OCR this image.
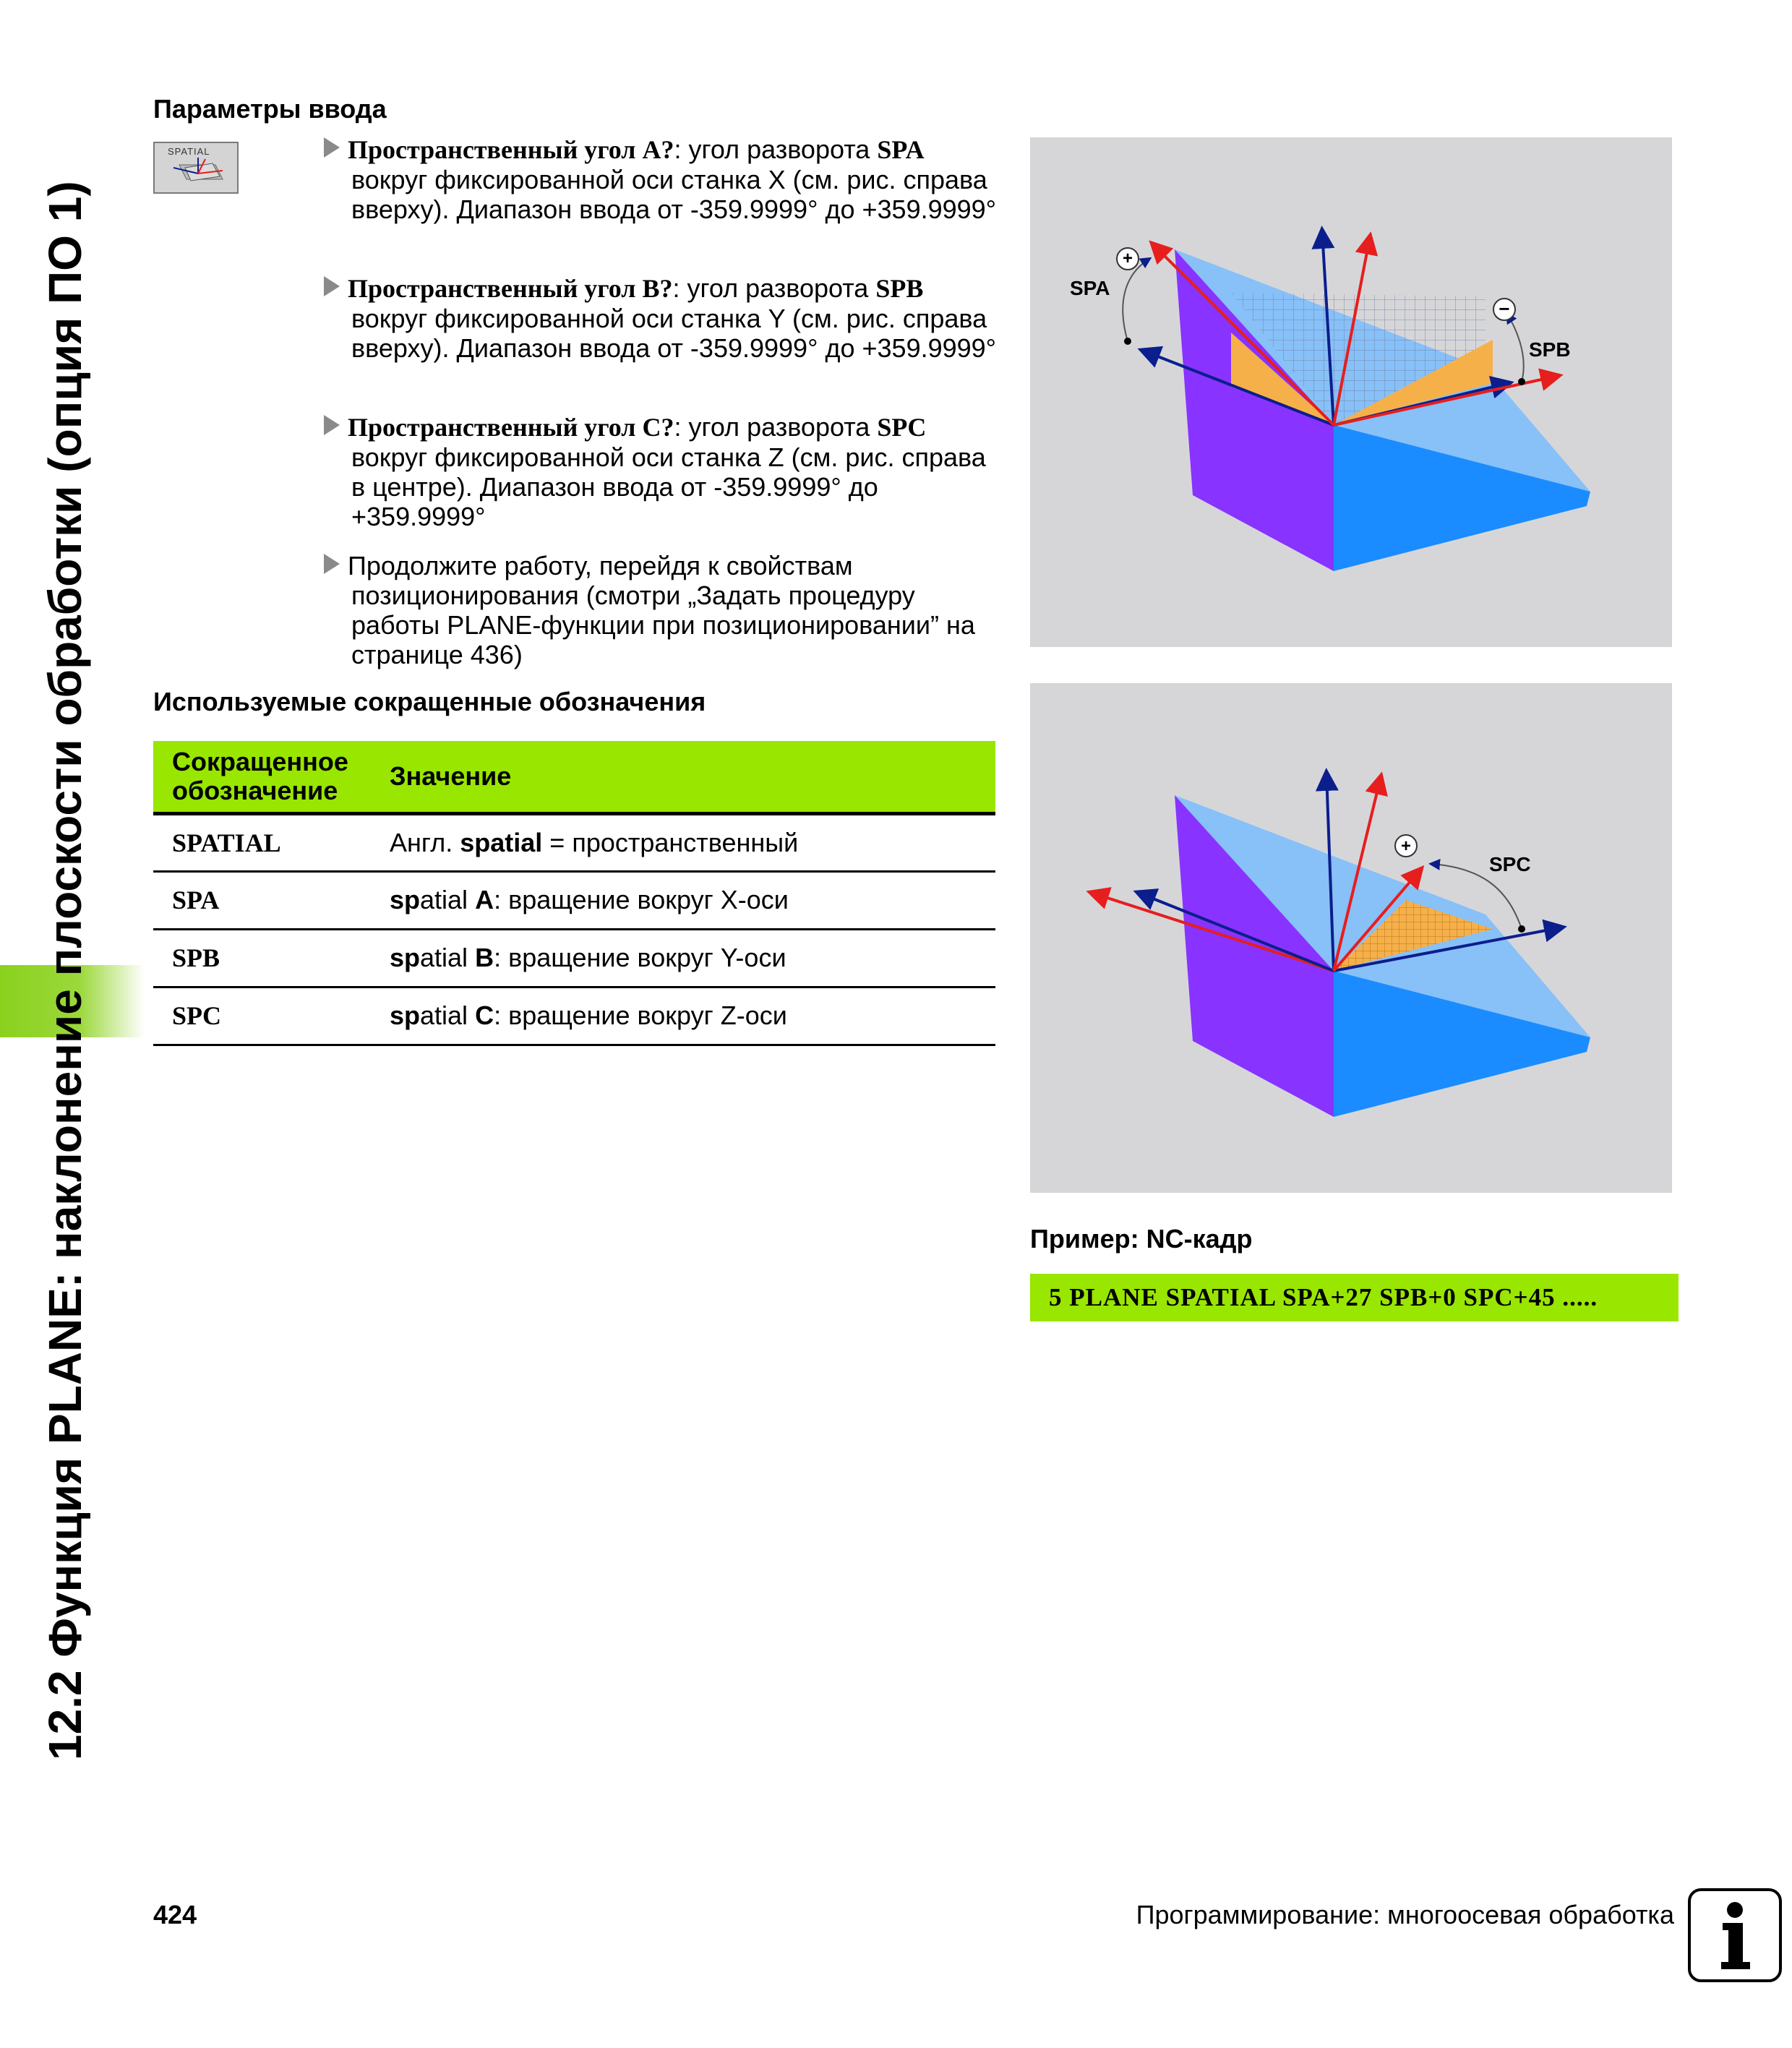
12.2 Функция PLANE: наклонение плоскости обработки (опция ПО 1)
Параметры ввода
SPATIAL	Пространственный угол A?: угол разворота SPA
вокруг фиксированной оси станка X (см. рис. справа вверху). Диапазон ввода от -359.9999° до +359.9999°
Пространственный угол B?: угол разворота SPB
вокруг фиксированной оси станка Y (см. рис. справа вверху). Диапазон ввода от -359.9999° до +359.9999°
Пространственный угол C?: угол разворота SPC
вокруг фиксированной оси станка Z (см. рис. справа в центре). Диапазон ввода от -359.9999° до +359.9999°
Продолжите работу, перейдя к свойствам
позиционирования (смотри „Задать процедуру работы PLANE-функции при позиционировании” на странице 436)
Используемые сокращенные обозначения
Сокращенное обозначение	Значение
SPATIAL	Англ. spatial = пространственный
SPA	spatial A: вращение вокруг X-оси
SPB	spatial B: вращение вокруг Y-оси
SPC	spatial C: вращение вокруг Z-оси
+
−
SPA
SPB
+
SPC
Пример: NC-кадр
5 PLANE SPATIAL SPA+27 SPB+0 SPC+45 .....
424	Программирование: многоосевая обработка
